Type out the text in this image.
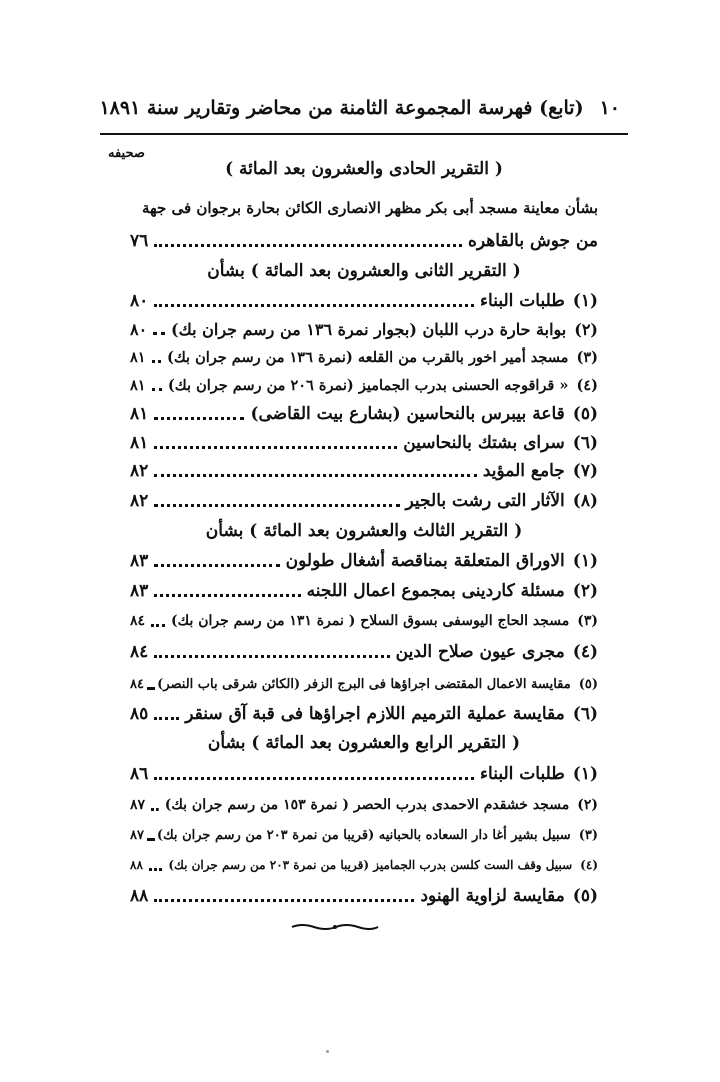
١٠
(تابع) فهرسة المجموعة الثامنة من محاضر وتقارير سنة ١٨٩١
صحيفه
( التقرير الحادى والعشرون بعد المائة )
بشأن معاينة مسجد أبى بكر مظهر الانصارى الكائن بحارة برجوان فى جهة
من جوش بالقاهره
٧٦
( التقرير الثانى والعشرون بعد المائة ) بشأن
(١)
طلبات البناء
٨٠
(٢)
بوابة حارة درب اللبان (بجوار نمرة ١٣٦ من رسم جران بك)
٨٠
(٣)
مسجد أمير اخور بالقرب من القلعه (نمرة ١٣٦ من رسم جران بك)
٨١
(٤)
« قراقوجه الحسنى بدرب الجماميز (نمرة ٢٠٦ من رسم جران بك)
٨١
(٥)
قاعة بيبرس بالنحاسين (بشارع بيت القاضى)
٨١
(٦)
سراى بشتك بالنحاسين
٨١
(٧)
جامع المؤيد
٨٢
(٨)
الآثار التى رشت بالجير
٨٢
( التقرير الثالث والعشرون بعد المائة ) بشأن
(١)
الاوراق المتعلقة بمناقصة أشغال طولون
٨٣
(٢)
مسئلة كاردينى بمجموع اعمال اللجنه
٨٣
(٣)
مسجد الحاج اليوسفى بسوق السلاح ( نمرة ١٣١ من رسم جران بك)
٨٤
(٤)
مجرى عيون صلاح الدين
٨٤
(٥)
مقايسة الاعمال المقتضى اجراؤها فى البرج الزفر (الكائن شرقى باب النصر)
٨٤
(٦)
مقايسة عملية الترميم اللازم اجراؤها فى قبة آق سنقر
٨٥
( التقرير الرابع والعشرون بعد المائة ) بشأن
(١)
طلبات البناء
٨٦
(٢)
مسجد خشقدم الاحمدى بدرب الحصر ( نمرة ١٥٣ من رسم جران بك)
٨٧
(٣)
سبيل بشير أغا دار السعاده بالحبانيه (قريبا من نمرة ٢٠٣ من رسم جران بك)
٨٧
(٤)
سبيل وقف الست كلسن بدرب الجماميز (قريبا من نمرة ٢٠٣ من رسم جران بك)
٨٨
(٥)
مقايسة لزاوية الهنود
٨٨
